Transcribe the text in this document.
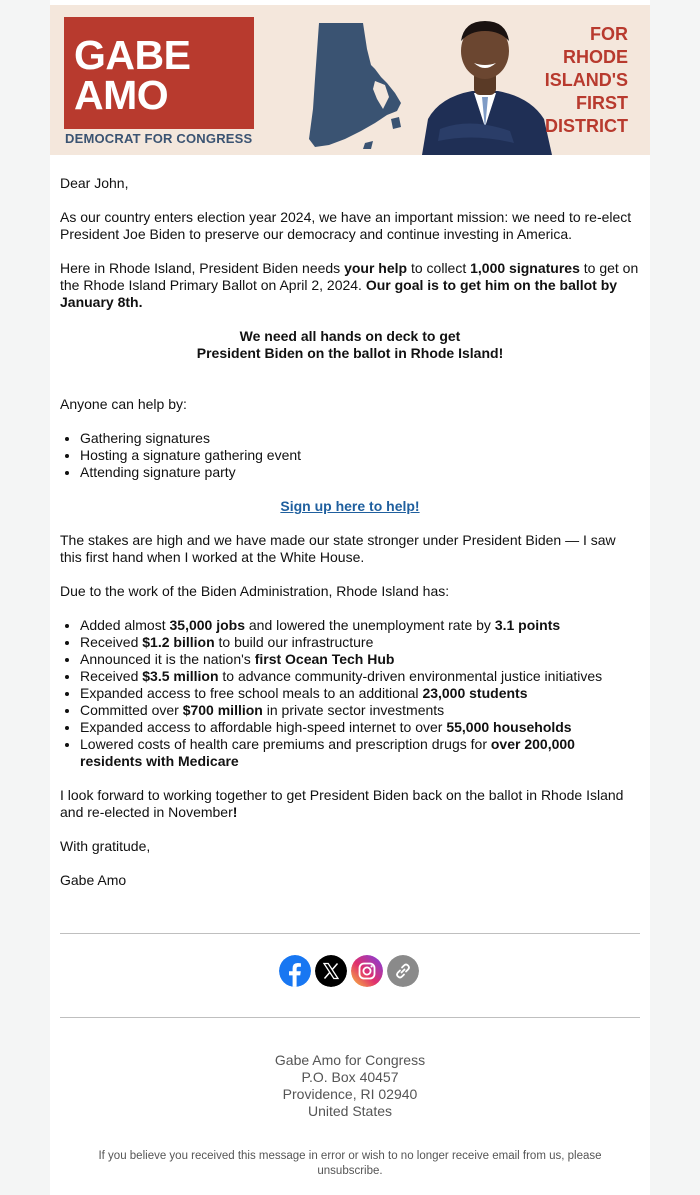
GABE
AMO
DEMOCRAT FOR CONGRESS
FOR
RHODE
ISLAND'S
FIRST
DISTRICT

Dear John,

As our country enters election year 2024, we have an important mission: we need to re-elect President Joe Biden to preserve our democracy and continue investing in America.

Here in Rhode Island, President Biden needs your help to collect 1,000 signatures to get on the Rhode Island Primary Ballot on April 2, 2024. Our goal is to get him on the ballot by January 8th.

We need all hands on deck to get
President Biden on the ballot in Rhode Island!

Anyone can help by:

• Gathering signatures
• Hosting a signature gathering event
• Attending signature party

Sign up here to help!

The stakes are high and we have made our state stronger under President Biden — I saw this first hand when I worked at the White House.

Due to the work of the Biden Administration, Rhode Island has:

• Added almost 35,000 jobs and lowered the unemployment rate by 3.1 points
• Received $1.2 billion to build our infrastructure
• Announced it is the nation's first Ocean Tech Hub
• Received $3.5 million to advance community-driven environmental justice initiatives
• Expanded access to free school meals to an additional 23,000 students
• Committed over $700 million in private sector investments
• Expanded access to affordable high-speed internet to over 55,000 households
• Lowered costs of health care premiums and prescription drugs for over 200,000 residents with Medicare

I look forward to working together to get President Biden back on the ballot in Rhode Island and re-elected in November!

With gratitude,

Gabe Amo

Gabe Amo for Congress
P.O. Box 40457
Providence, RI 02940
United States
If you believe you received this message in error or wish to no longer receive email from us, please unsubscribe.
